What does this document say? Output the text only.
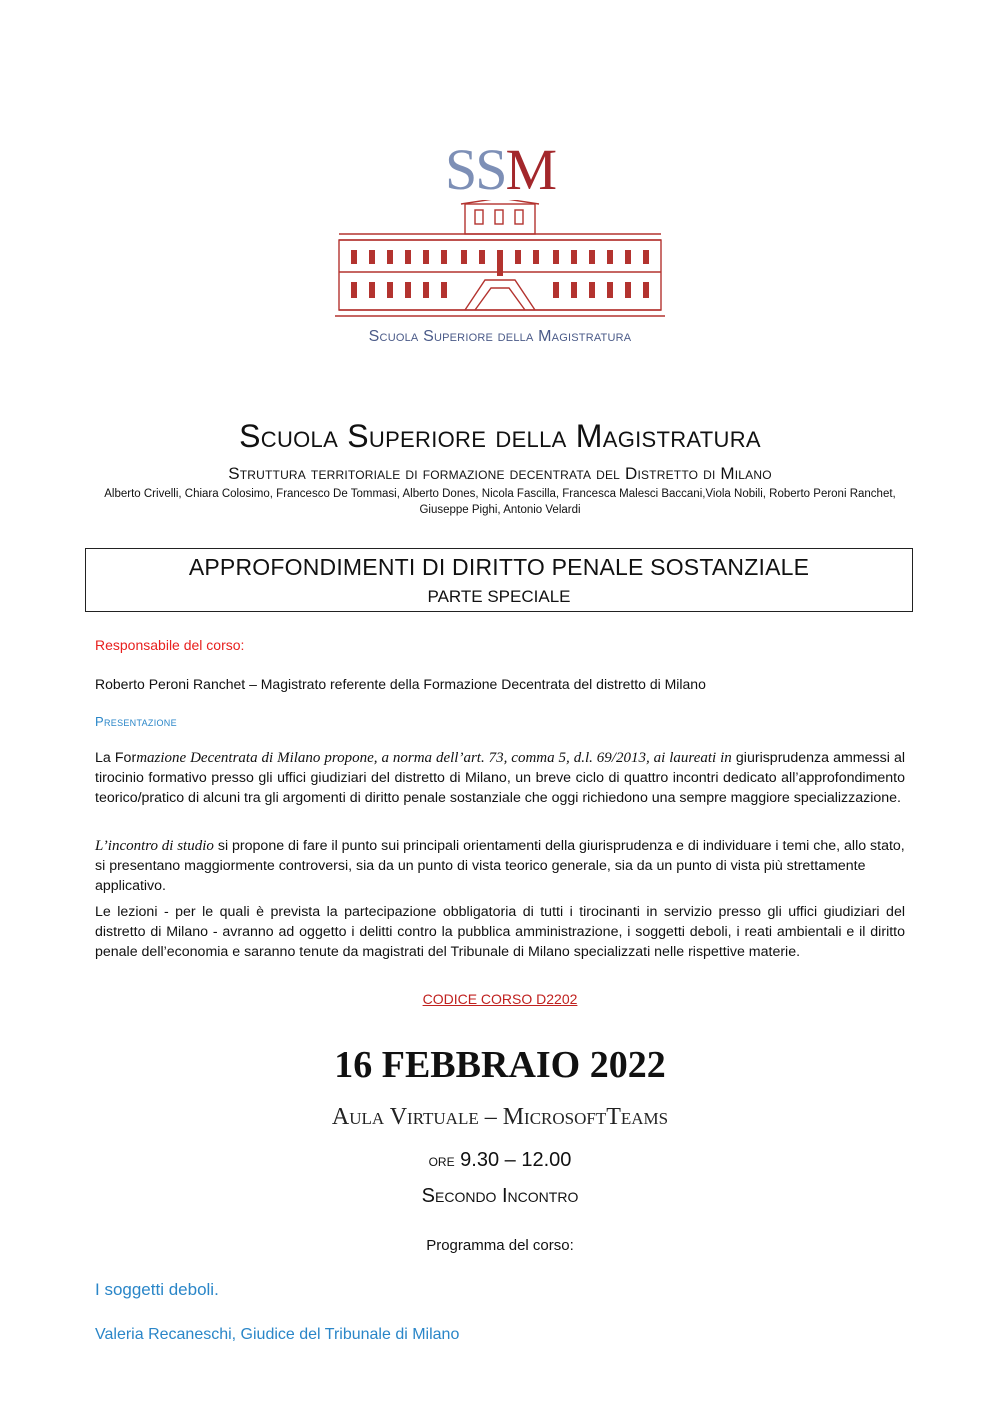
SSM
Scuola Superiore della Magistratura
Scuola Superiore della Magistratura
Struttura territoriale di formazione decentrata del Distretto di Milano
Alberto Crivelli, Chiara Colosimo, Francesco De Tommasi, Alberto Dones, Nicola Fascilla, Francesca Malesci Baccani,Viola Nobili, Roberto Peroni Ranchet, Giuseppe Pighi, Antonio Velardi
APPROFONDIMENTI DI DIRITTO PENALE SOSTANZIALE
PARTE SPECIALE
Responsabile del corso:
Roberto Peroni Ranchet – Magistrato referente della Formazione Decentrata del distretto di Milano
Presentazione
La Formazione Decentrata di Milano propone, a norma dell’art. 73, comma 5, d.l. 69/2013, ai laureati in giurisprudenza ammessi al tirocinio formativo presso gli uffici giudiziari del distretto di Milano, un breve ciclo di quattro incontri dedicato all’approfondimento teorico/pratico di alcuni tra gli argomenti di diritto penale sostanziale che oggi richiedono una sempre maggiore specializzazione.
L’incontro di studio si propone di fare il punto sui principali orientamenti della giurisprudenza e di individuare i temi che, allo stato, si presentano maggiormente controversi, sia da un punto di vista teorico generale, sia da un punto di vista più strettamente applicativo.
Le lezioni - per le quali è prevista la partecipazione obbligatoria di tutti i tirocinanti in servizio presso gli uffici giudiziari del distretto di Milano - avranno ad oggetto i delitti contro la pubblica amministrazione, i soggetti deboli, i reati ambientali e il diritto penale dell’economia e saranno tenute da magistrati del Tribunale di Milano specializzati nelle rispettive materie.
CODICE CORSO D2202
16 FEBBRAIO 2022
Aula Virtuale – MicrosoftTeams
ore 9.30 – 12.00
Secondo Incontro
Programma del corso:
I soggetti deboli.
Valeria Recaneschi, Giudice del Tribunale di Milano
